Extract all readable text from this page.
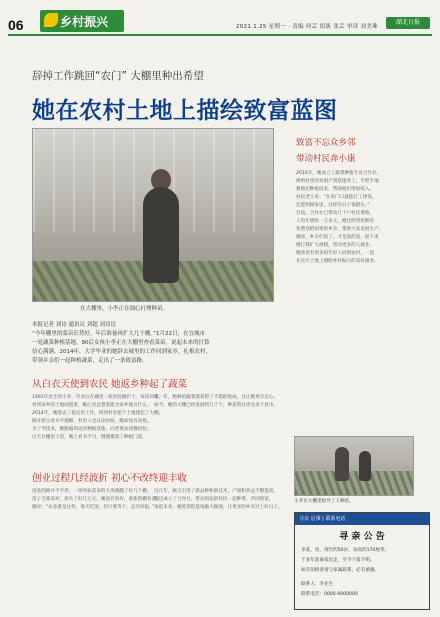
06	乡村振兴	2021.1.25 星期一 · 责编 何芸 组版 张芸 审读 刘美珠
湖北日报
辞掉工作跳回“农门” 大棚里种出希望
她在农村土地上描绘致富蓝图
在大棚里，小李正在细心打理种苗。
本报记者 刘诗 通讯员 刘超 刘诗语
“今年棚里的菜苗长势好，年后准备再扩大几个棚。”1月22日，在宜城市
一处蔬菜种植基地，90后女孩小李正在大棚里查看菜苗，说起未来的打算
信心满满。2014年，大学毕业的她辞去城里的工作回到家乡，扎根农村，
带领乡亲们一起种植蔬菜，走出了一条致富路。
从白衣天使到农民 她返乡种起了蔬菜
1993年出生的小李，毕业后在城里一家医院做护士。每次回家，
看到家乡的土地闲置着，她心里总想着能为家乡做点什么。
2014年，她辞去了稳定的工作，回到村里租下土地建起了大棚。
刚开始父母并不理解，村里人也议论纷纷，她却没有动摇。
为了学技术，她跑遍周边的种植基地，向老菜农请教经验。
白天在棚里干活，晚上看书学习，慢慢摸清了种植门道。
第一年，她种的蔬菜就获得了不错的收成，这让她更有信心。
如今，她的大棚已经发展到几十个，种苗销往周边多个县市。
创业过程几经波折 初心不改终迎丰收
创业的路并不平坦。一场突如其来的大风掀翻了好几个棚，
苗子全部冻坏，损失了好几万元。她没有放弃，重新搭棚育苗。
她说：“农业就是这样，靠天吃饭，但只要肯干，总有回报。”
这几年，她又引进了新品种和新技术，产量和效益不断提高。
她还成立了合作社，带动周边的村民一起种菜，共同致富。
谈起未来，她希望把基地做大做强，让更多的乡亲过上好日子。
致富不忘众乡邻
带动村民奔小康
2016年，她成立了蔬菜种植专业合作社，
吸纳村里的贫困户到基地务工，手把手地
教他们种植技术，帮助他们增加收入。
村民老王说：“在家门口就能打工挣钱，
还能照顾家里，这样的日子很踏实。”
目前，合作社已带动几十户村民增收，
人均年增收一万多元。她还经常把种苗
免费送给困难的乡亲，帮助大家发展生产。
她说，乡亲们富了，才是真的富。接下来
她打算扩大规模，带动更多的人就业。
她希望有更多的年轻人回到农村，一起
在这片土地上描绘乡村振兴的美好画卷。
小李在大棚里指导工人种苗。
寻亲 启事 | 联系电话
寻 亲 公 告
李某，男，现年约50岁，身高约170厘米，
于多年前离家出走，至今下落不明。
如有知情者请与家属联系，必有重谢。
联系人：李先生
联系电话：0000-0000000
